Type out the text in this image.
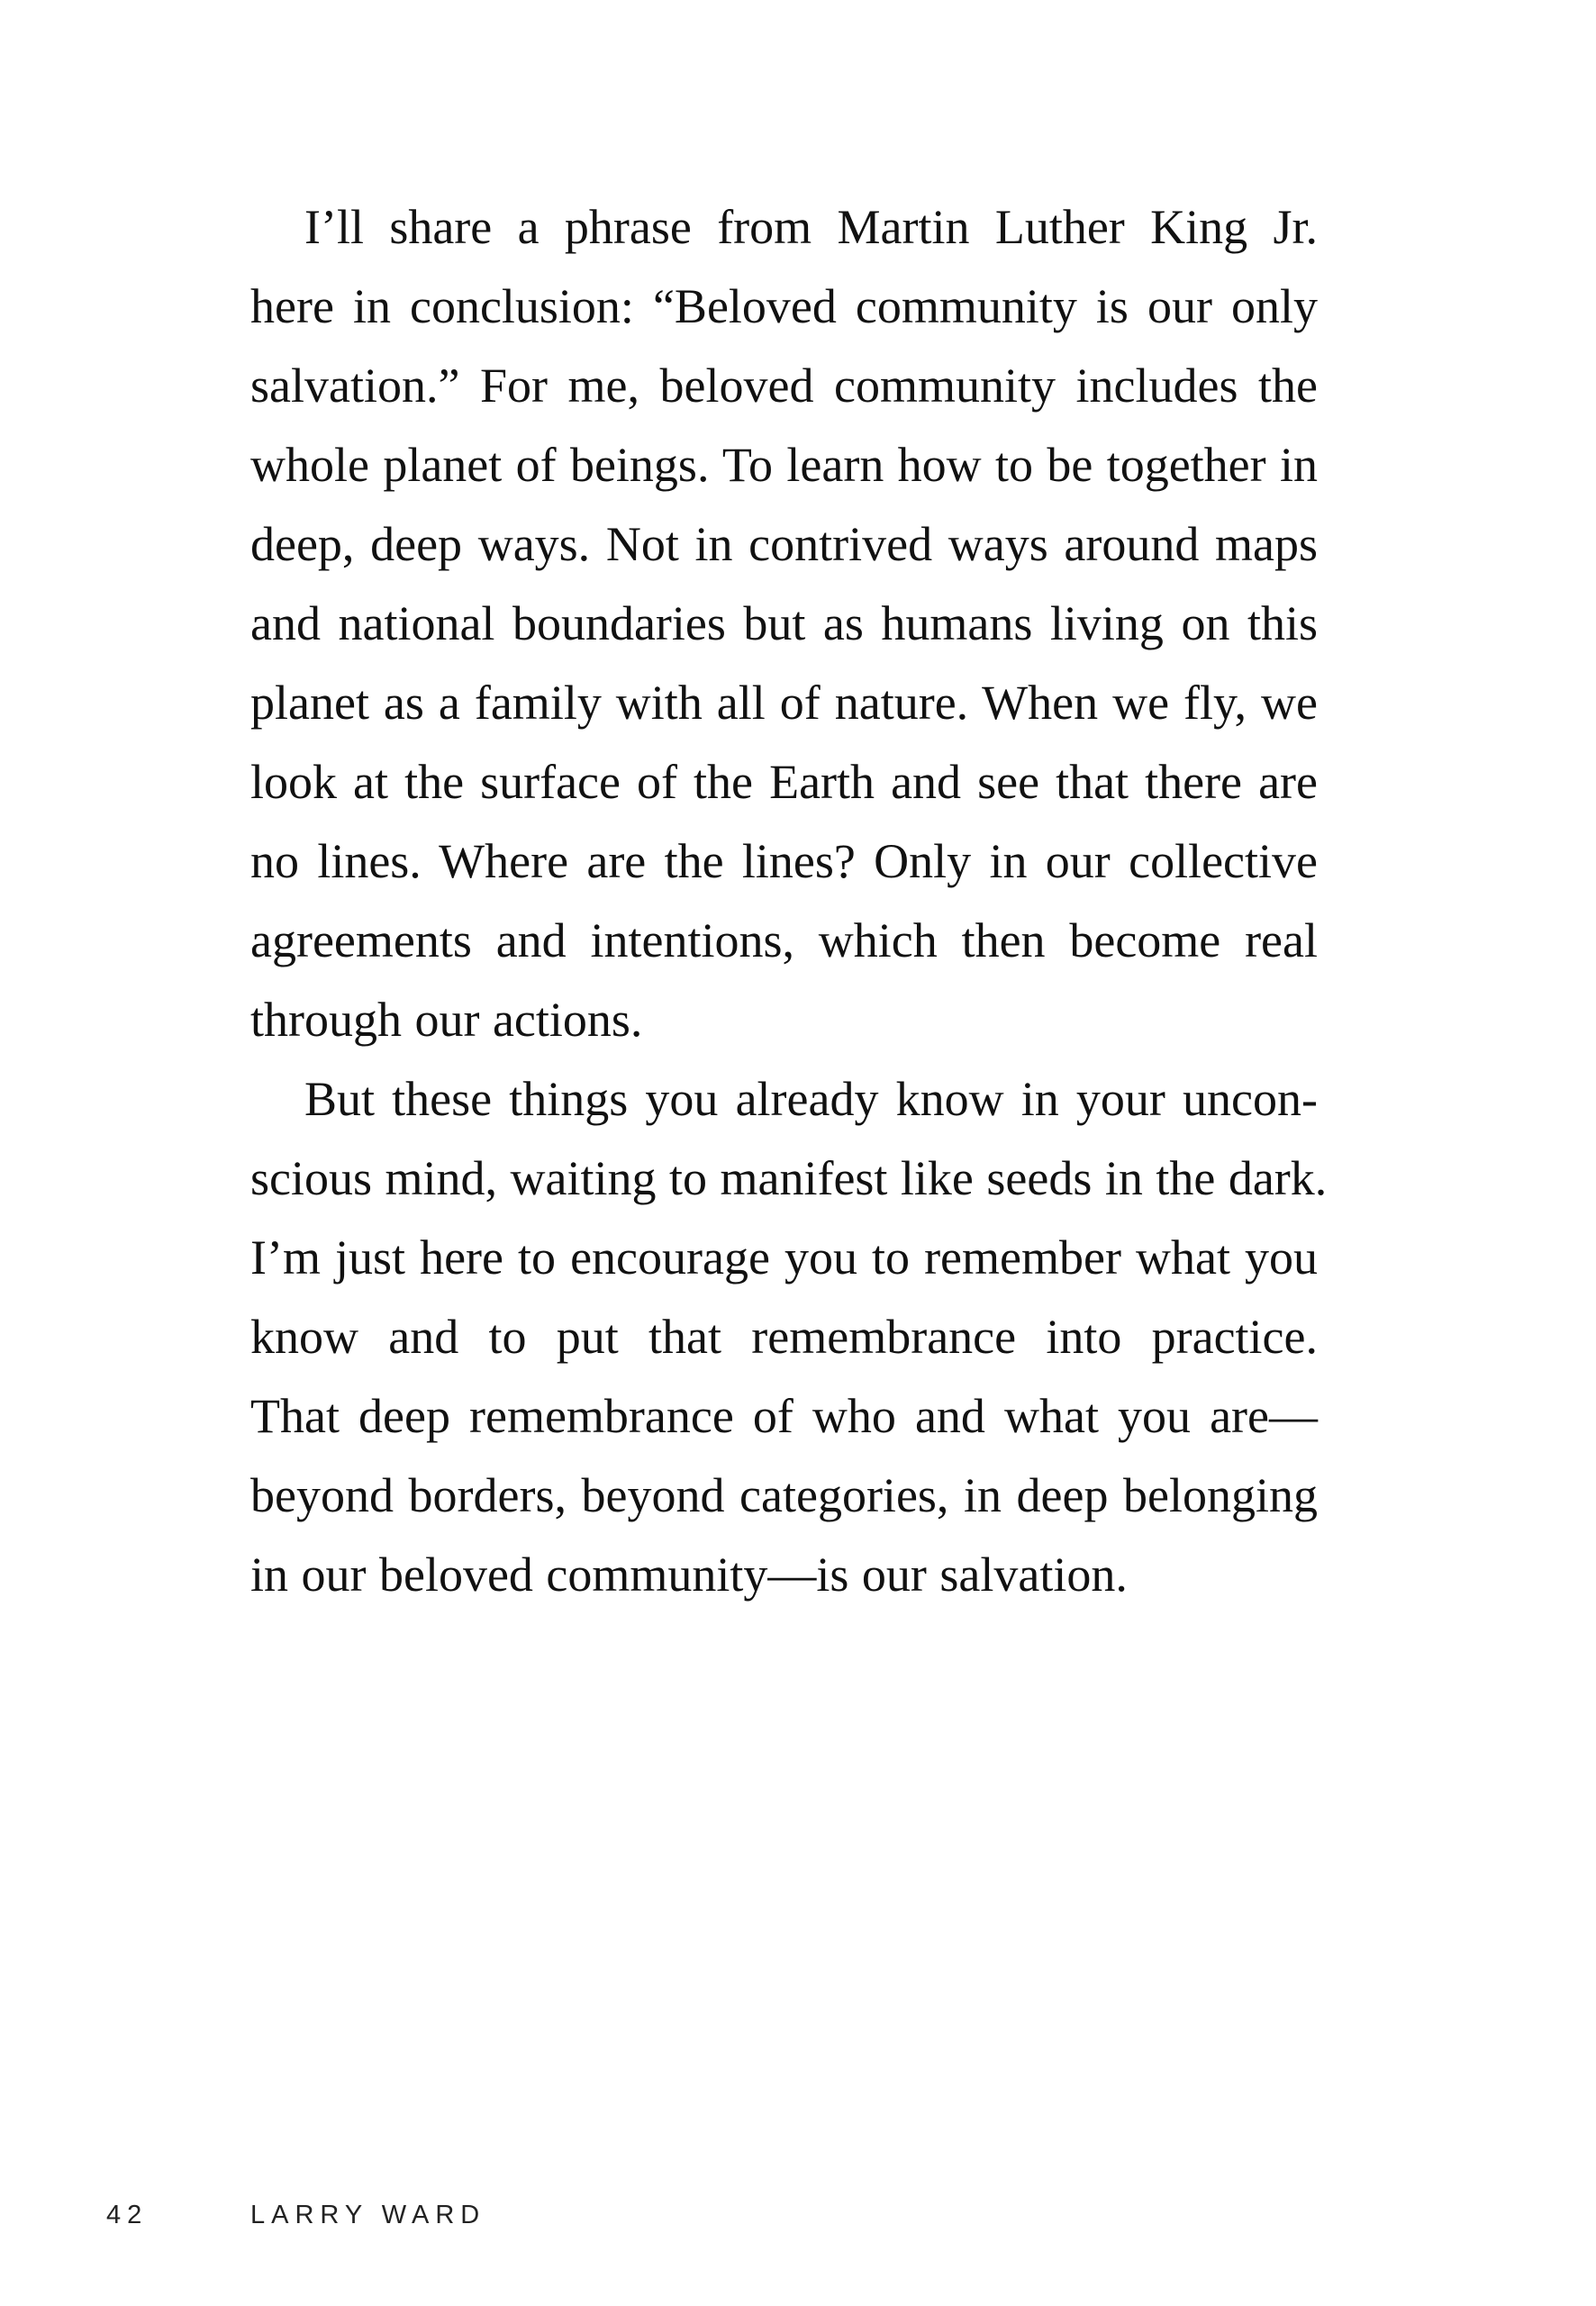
I’ll share a phrase from Martin Luther King Jr.
here in conclusion: “Beloved community is our only
salvation.” For me, beloved community includes the
whole planet of beings. To learn how to be together in
deep, deep ways. Not in contrived ways around maps
and national boundaries but as humans living on this
planet as a family with all of nature. When we fly, we
look at the surface of the Earth and see that there are
no lines. Where are the lines? Only in our collective
agreements and intentions, which then become real
through our actions.
But these things you already know in your uncon-
scious mind, waiting to manifest like seeds in the dark.
I’m just here to encourage you to remember what you
know and to put that remembrance into practice.
That deep remembrance of who and what you are—
beyond borders, beyond categories, in deep belonging
in our beloved community—is our salvation.
42	LARRY WARD
